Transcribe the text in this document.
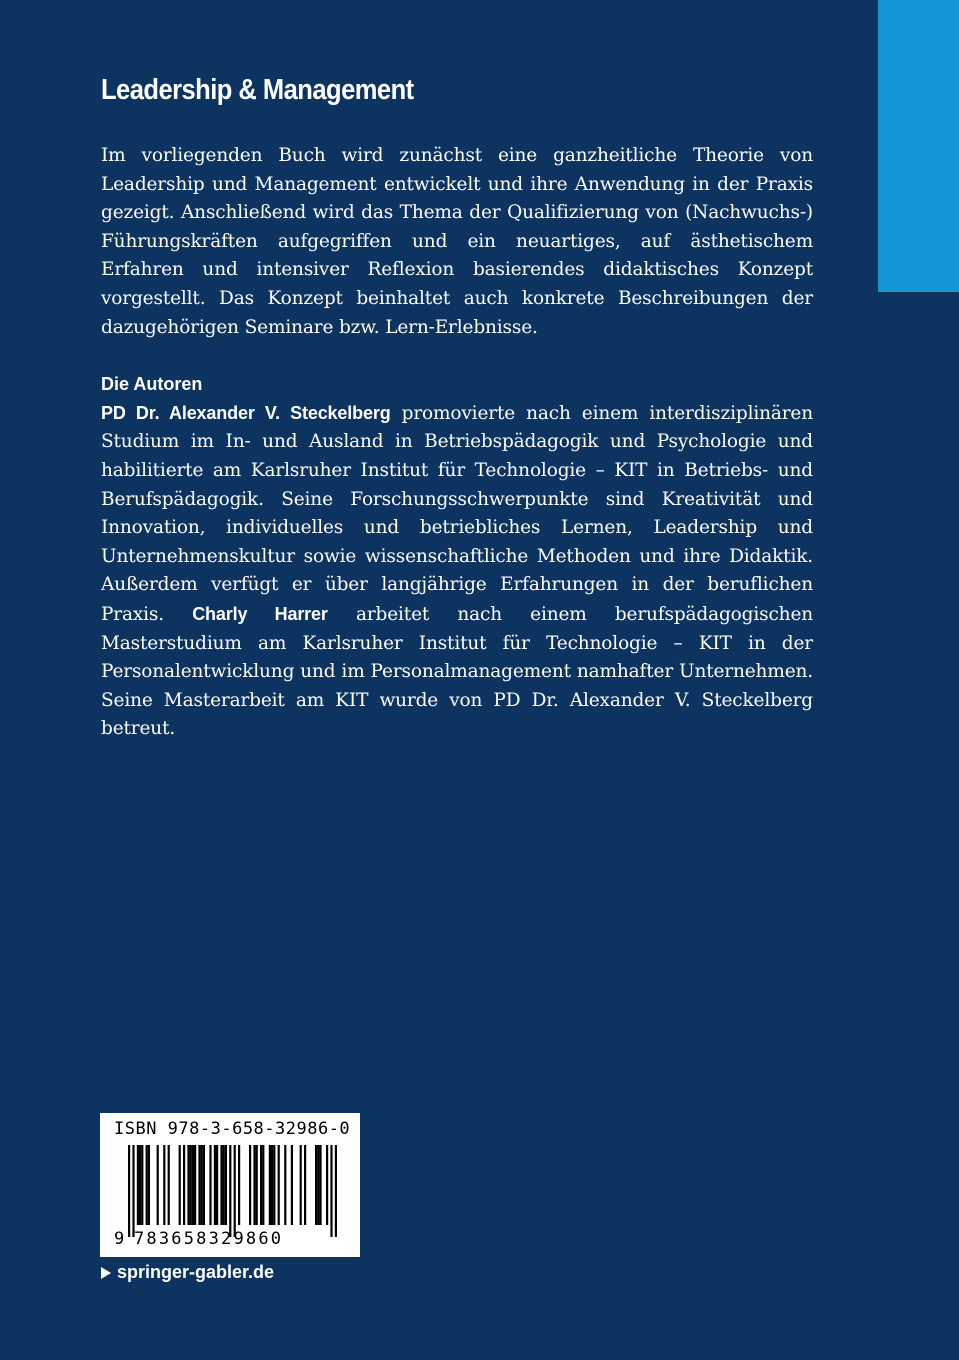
Leadership & Management

Im vorliegenden Buch wird zunächst eine ganzheitliche Theorie von Leadership und Management entwickelt und ihre Anwendung in der Praxis gezeigt. Anschließend wird das Thema der Qualifizierung von (Nachwuchs-) Führungskräften aufgegriffen und ein neuartiges, auf ästhetischem Erfahren und intensiver Reflexion basierendes didaktisches Konzept vorgestellt. Das Konzept beinhaltet auch konkrete Beschreibungen der dazugehörigen Seminare bzw. Lern-Erlebnisse.

Die Autoren

PD Dr. Alexander V. Steckelberg promovierte nach einem interdisziplinären Studium im In- und Ausland in Betriebspädagogik und Psychologie und habilitierte am Karlsruher Institut für Technologie – KIT in Betriebs- und Berufspädagogik. Seine Forschungsschwerpunkte sind Kreativität und Innovation, individuelles und betriebliches Lernen, Leadership und Unternehmenskultur sowie wissenschaftliche Methoden und ihre Didaktik. Außerdem verfügt er über langjährige Erfahrungen in der beruflichen Praxis. Charly Harrer arbeitet nach einem berufspädagogischen Masterstudium am Karlsruher Institut für Technologie – KIT in der Personalentwicklung und im Personalmanagement namhafter Unternehmen. Seine Masterarbeit am KIT wurde von PD Dr. Alexander V. Steckelberg betreut.

ISBN 978-3-658-32986-0
9 783658329860
springer-gabler.de
